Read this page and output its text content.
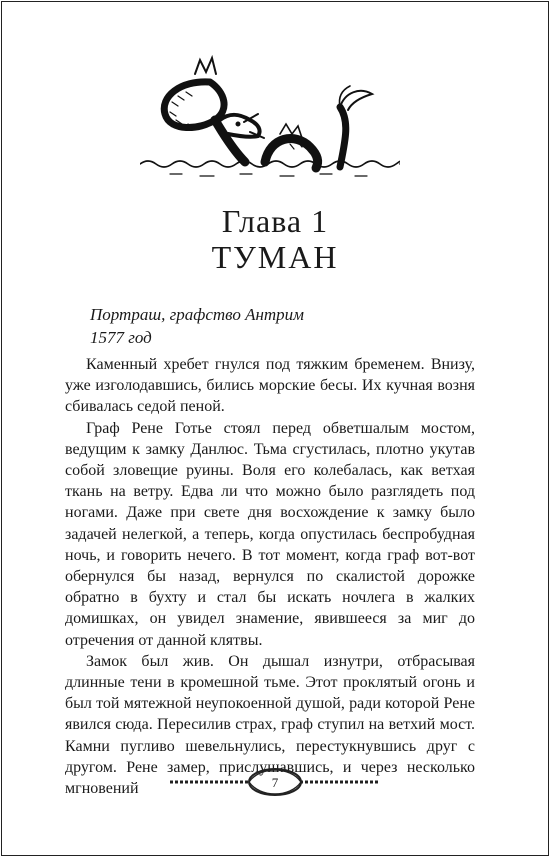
Глава 1
ТУМАН
Портраш, графство Антрим
1577 год

Каменный хребет гнулся под тяжким бременем. Внизу, уже изголодавшись, бились морские бесы. Их кучная возня сбивалась седой пеной.

Граф Рене Готье стоял перед обветшалым мостом, ведущим к замку Данлюс. Тьма сгустилась, плотно укутав собой зловещие руины. Воля его колебалась, как ветхая ткань на ветру. Едва ли что можно было разглядеть под ногами. Даже при свете дня восхождение к замку было задачей нелегкой, а теперь, когда опустилась беспробудная ночь, и говорить нечего. В тот момент, когда граф вот-вот обернулся бы назад, вернулся по скалистой дорожке обратно в бухту и стал бы искать ночлега в жалких домишках, он увидел знамение, явившееся за миг до отречения от данной клятвы.

Замок был жив. Он дышал изнутри, отбрасывая длинные тени в кромешной тьме. Этот проклятый огонь и был той мятежной неупокоенной душой, ради которой Рене явился сюда. Пересилив страх, граф ступил на ветхий мост. Камни пугливо шевельнулись, перестукнувшись друг с другом. Рене замер, прислушавшись, и через несколько мгновений	7
